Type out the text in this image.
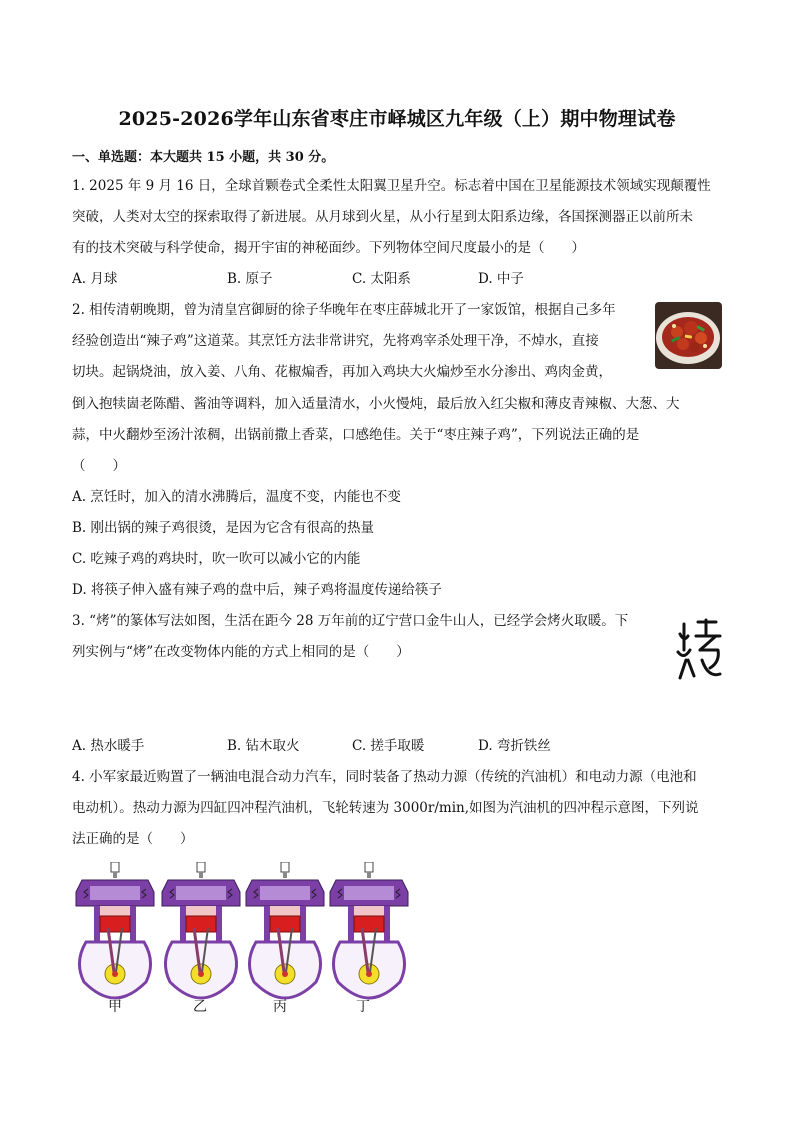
2025-2026学年山东省枣庄市峄城区九年级（上）期中物理试卷
一、单选题：本大题共 15 小题，共 30 分。
1. 2025 年 9 月 16 日，全球首颗卷式全柔性太阳翼卫星升空。标志着中国在卫星能源技术领域实现颠覆性
突破，人类对太空的探索取得了新进展。从月球到火星，从小行星到太阳系边缘，各国探测器正以前所未
有的技术突破与科学使命，揭开宇宙的神秘面纱。下列物体空间尺度最小的是（　　）
A. 月球	B. 原子	C. 太阳系	D. 中子
2. 相传清朝晚期，曾为清皇宫御厨的徐子华晚年在枣庄薛城北开了一家饭馆，根据自己多年
经验创造出“辣子鸡”这道菜。其烹饪方法非常讲究，先将鸡宰杀处理干净，不焯水，直接
切块。起锅烧油，放入姜、八角、花椒煸香，再加入鸡块大火煸炒至水分渗出、鸡肉金黄，
倒入抱犊崮老陈醋、酱油等调料，加入适量清水，小火慢炖，最后放入红尖椒和薄皮青辣椒、大葱、大
蒜，中火翻炒至汤汁浓稠，出锅前撒上香菜，口感绝佳。关于“枣庄辣子鸡”，下列说法正确的是
（　　）
A. 烹饪时，加入的清水沸腾后，温度不变，内能也不变
B. 刚出锅的辣子鸡很烫，是因为它含有很高的热量
C. 吃辣子鸡的鸡块时，吹一吹可以减小它的内能
D. 将筷子伸入盛有辣子鸡的盘中后，辣子鸡将温度传递给筷子
3. “烤”的篆体写法如图，生活在距今 28 万年前的辽宁营口金牛山人，已经学会烤火取暖。下
列实例与“烤”在改变物体内能的方式上相同的是（　　）
A. 热水暖手	B. 钻木取火	C. 搓手取暖	D. 弯折铁丝
4. 小军家最近购置了一辆油电混合动力汽车，同时装备了热动力源（传统的汽油机）和电动力源（电池和
电动机）。热动力源为四缸四冲程汽油机，飞轮转速为 3000r/min,如图为汽油机的四冲程示意图，下列说
法正确的是（　　）
甲	乙	丙	丁
